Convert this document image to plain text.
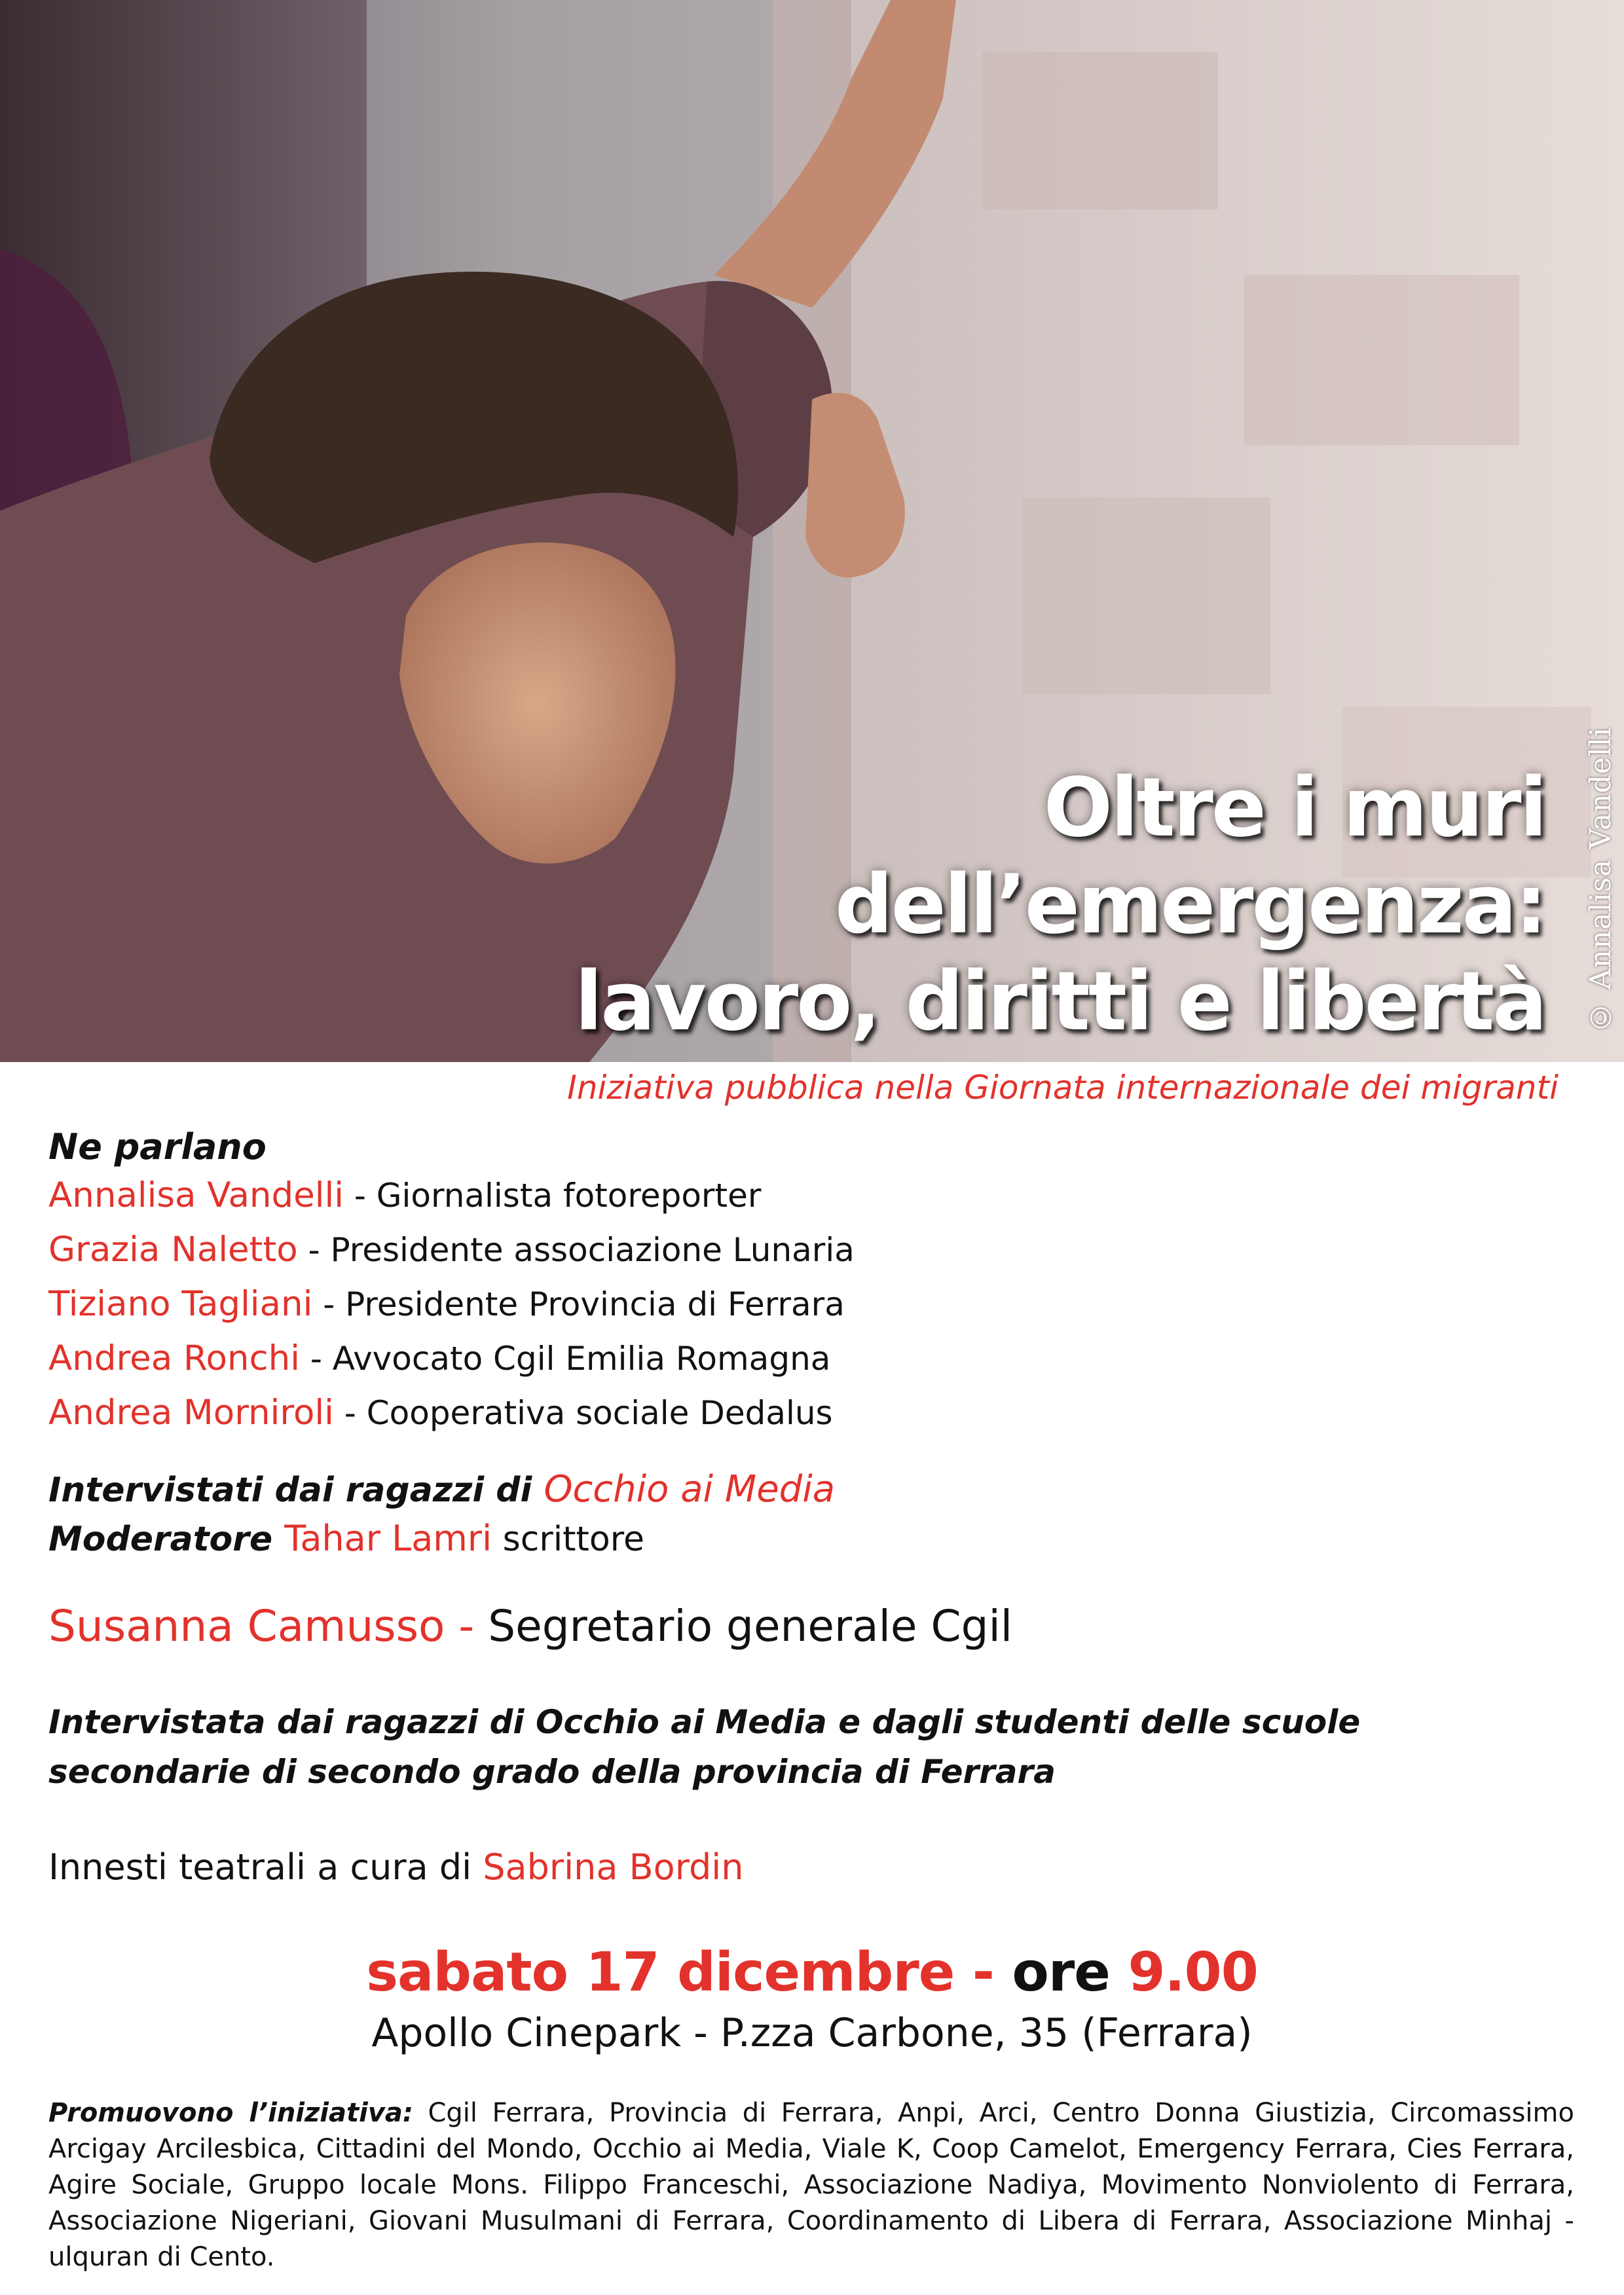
© Annalisa Vandelli
Oltre i muri
dell’emergenza:
lavoro, diritti e libertà
Iniziativa pubblica nella Giornata internazionale dei migranti
Ne parlano
Annalisa Vandelli - Giornalista fotoreporter
Grazia Naletto - Presidente associazione Lunaria
Tiziano Tagliani - Presidente Provincia di Ferrara
Andrea Ronchi - Avvocato Cgil Emilia Romagna
Andrea Morniroli - Cooperativa sociale Dedalus
Intervistati dai ragazzi di Occhio ai Media
Moderatore Tahar Lamri scrittore
Susanna Camusso - Segretario generale Cgil
Intervistata dai ragazzi di Occhio ai Media e dagli studenti delle scuole secondarie di secondo grado della provincia di Ferrara
Innesti teatrali a cura di Sabrina Bordin
sabato 17 dicembre - ore 9.00
Apollo Cinepark - P.zza Carbone, 35 (Ferrara)
Promuovono l’iniziativa: Cgil Ferrara, Provincia di Ferrara, Anpi, Arci, Centro Donna Giustizia, Circomassimo Arcigay Arcilesbica, Cittadini del Mondo, Occhio ai Media, Viale K, Coop Camelot, Emergency Ferrara, Cies Ferrara, Agire Sociale, Gruppo locale Mons. Filippo Franceschi, Associazione Nadiya, Movimento Nonviolento di Ferrara, Associazione Nigeriani, Giovani Musulmani di Ferrara, Coordinamento di Libera di Ferrara, Associazione Minhaj - ulquran di Cento.
